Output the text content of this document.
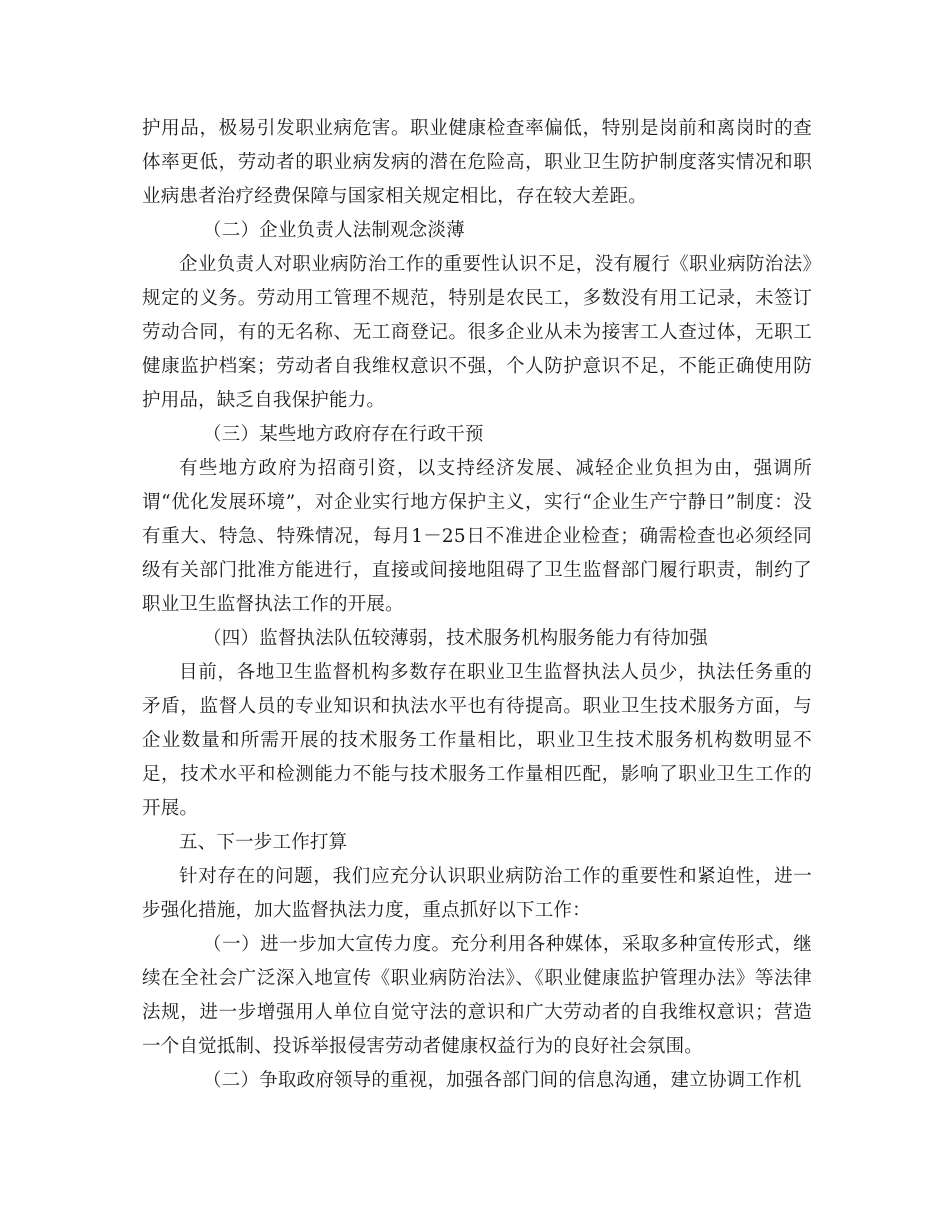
护用品，极易引发职业病危害。职业健康检查率偏低，特别是岗前和离岗时的查体率更低，劳动者的职业病发病的潜在危险高，职业卫生防护制度落实情况和职业病患者治疗经费保障与国家相关规定相比，存在较大差距。

（二）企业负责人法制观念淡薄

企业负责人对职业病防治工作的重要性认识不足，没有履行《职业病防治法》规定的义务。劳动用工管理不规范，特别是农民工，多数没有用工记录，未签订劳动合同，有的无名称、无工商登记。很多企业从未为接害工人查过体，无职工健康监护档案；劳动者自我维权意识不强，个人防护意识不足，不能正确使用防护用品，缺乏自我保护能力。

（三）某些地方政府存在行政干预

有些地方政府为招商引资，以支持经济发展、减轻企业负担为由，强调所谓“优化发展环境”，对企业实行地方保护主义，实行“企业生产宁静日”制度：没有重大、特急、特殊情况，每月1－25日不准进企业检查；确需检查也必须经同级有关部门批准方能进行，直接或间接地阻碍了卫生监督部门履行职责，制约了职业卫生监督执法工作的开展。

（四）监督执法队伍较薄弱，技术服务机构服务能力有待加强

目前，各地卫生监督机构多数存在职业卫生监督执法人员少，执法任务重的矛盾，监督人员的专业知识和执法水平也有待提高。职业卫生技术服务方面，与企业数量和所需开展的技术服务工作量相比，职业卫生技术服务机构数明显不足，技术水平和检测能力不能与技术服务工作量相匹配，影响了职业卫生工作的开展。

五、下一步工作打算

针对存在的问题，我们应充分认识职业病防治工作的重要性和紧迫性，进一步强化措施，加大监督执法力度，重点抓好以下工作：

（一）进一步加大宣传力度。充分利用各种媒体，采取多种宣传形式，继续在全社会广泛深入地宣传《职业病防治法》、《职业健康监护管理办法》等法律法规，进一步增强用人单位自觉守法的意识和广大劳动者的自我维权意识；营造一个自觉抵制、投诉举报侵害劳动者健康权益行为的良好社会氛围。

（二）争取政府领导的重视，加强各部门间的信息沟通，建立协调工作机
